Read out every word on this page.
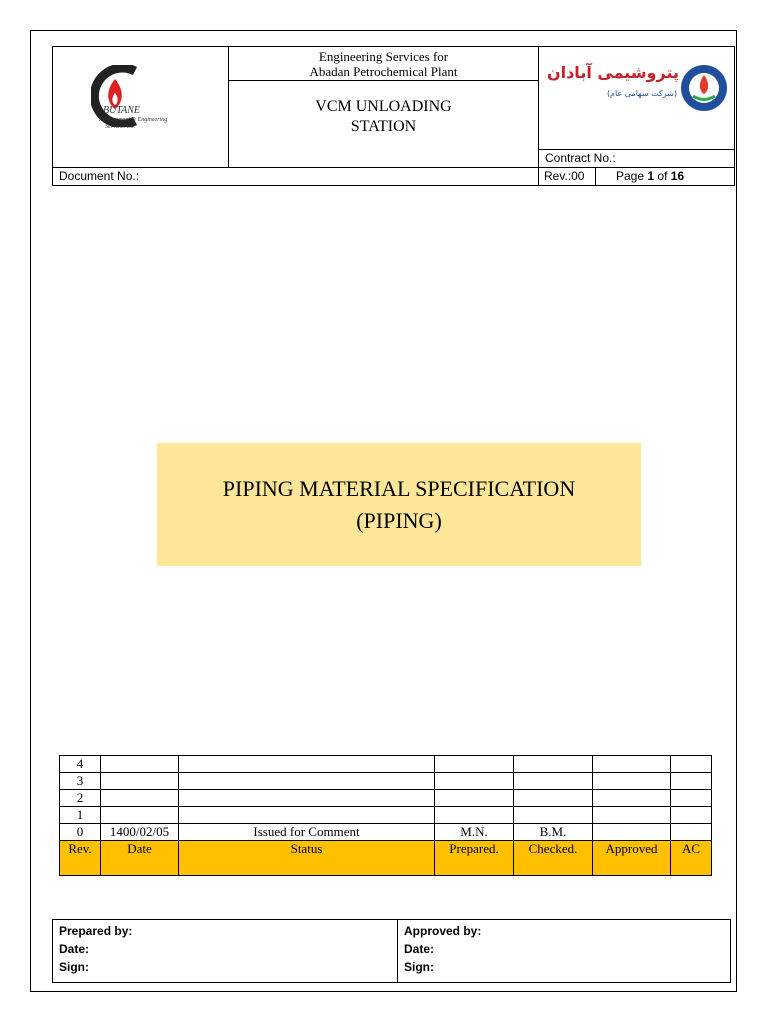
BUTANE
Procurement & Engineering
Services Co.
Engineering Services for
Abadan Petrochemical Plant
VCM UNLOADING
STATION
پتروشیمی آبادان
(شرکت سهامی عام)
Contract No.:
Document No.:	Rev.:00	Page 1 of 16
PIPING MATERIAL SPECIFICATION
(PIPING)
4						
3						
2						
1						
0	1400/02/05	Issued for Comment	M.N.	B.M.		
Rev.	Date	Status	Prepared.	Checked.	Approved	AC
Prepared by:
Date:
Sign:
Approved by:
Date:
Sign:
